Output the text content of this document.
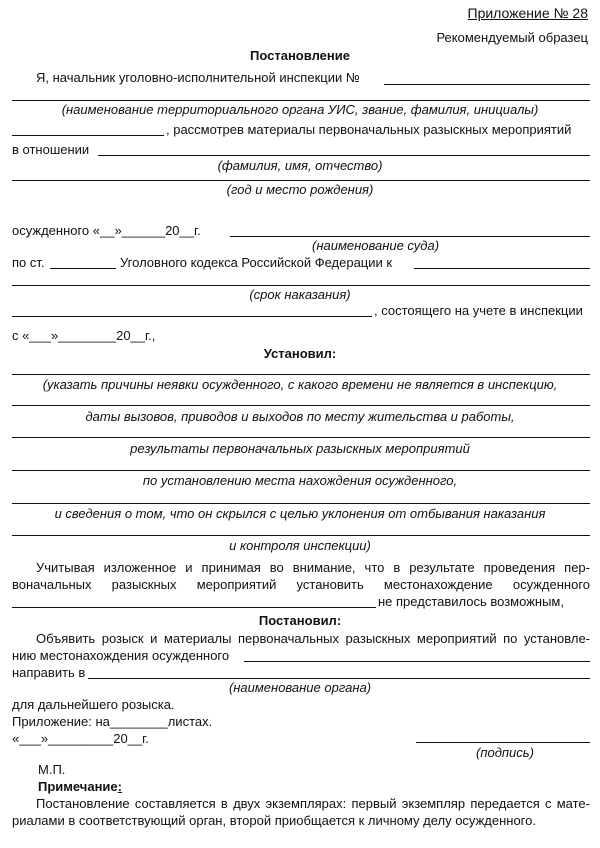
Приложение № 28
Рекомендуемый образец
Постановление
Я, начальник уголовно-исполнительной инспекции №
(наименование территориального органа УИС, звание, фамилия, инициалы)
, рассмотрев материалы первоначальных разыскных мероприятий
в отношении
(фамилия, имя, отчество)
(год и место рождения)
осужденного «__»______20__г.
(наименование суда)
по ст.	Уголовного кодекса Российской Федерации к
(срок наказания)
, состоящего на учете в инспекции
с «___»________20__г.,
Установил:
(указать причины неявки осужденного, с какого времени не является в инспекцию,
даты вызовов, приводов и выходов по месту жительства и работы,
результаты первоначальных разыскных мероприятий
по установлению места нахождения осужденного,
и сведения о том, что он скрылся с целью уклонения от отбывания наказания
и контроля инспекции)
Учитывая изложенное и принимая во внимание, что в результате проведения пер-
воначальных разыскных мероприятий установить местонахождение осужденного
не представилось возможным,
Постановил:
Объявить розыск и материалы первоначальных разыскных мероприятий по установле-
нию местонахождения осужденного
направить в
(наименование органа)
для дальнейшего розыска.
Приложение: на________листах.
«___»_________20__г.
(подпись)
М.П.
Примечание:
Постановление составляется в двух экземплярах: первый экземпляр передается с мате-
риалами в соответствующий орган, второй приобщается к личному делу осужденного.
